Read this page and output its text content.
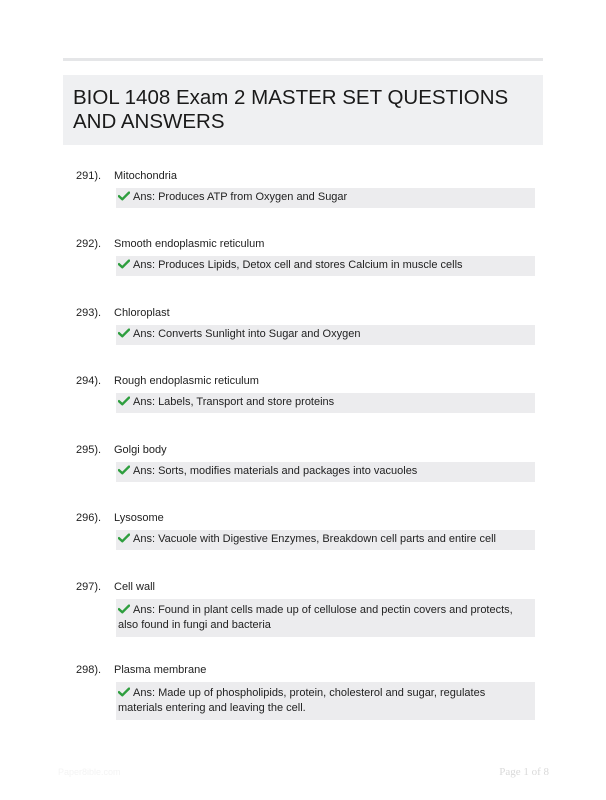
BIOL 1408 Exam 2 MASTER SET QUESTIONS AND ANSWERS
291). Mitochondria
Ans: Produces ATP from Oxygen and Sugar
292). Smooth endoplasmic reticulum
Ans: Produces Lipids, Detox cell and stores Calcium in muscle cells
293). Chloroplast
Ans: Converts Sunlight into Sugar and Oxygen
294). Rough endoplasmic reticulum
Ans: Labels, Transport and store proteins
295). Golgi body
Ans: Sorts, modifies materials and packages into vacuoles
296). Lysosome
Ans: Vacuole with Digestive Enzymes, Breakdown cell parts and entire cell
297). Cell wall
Ans: Found in plant cells made up of cellulose and pectin covers and protects, also found in fungi and bacteria
298). Plasma membrane
Ans: Made up of phospholipids, protein, cholesterol and sugar, regulates materials entering and leaving the cell.
Paper8ible.com	Page 1 of 8
